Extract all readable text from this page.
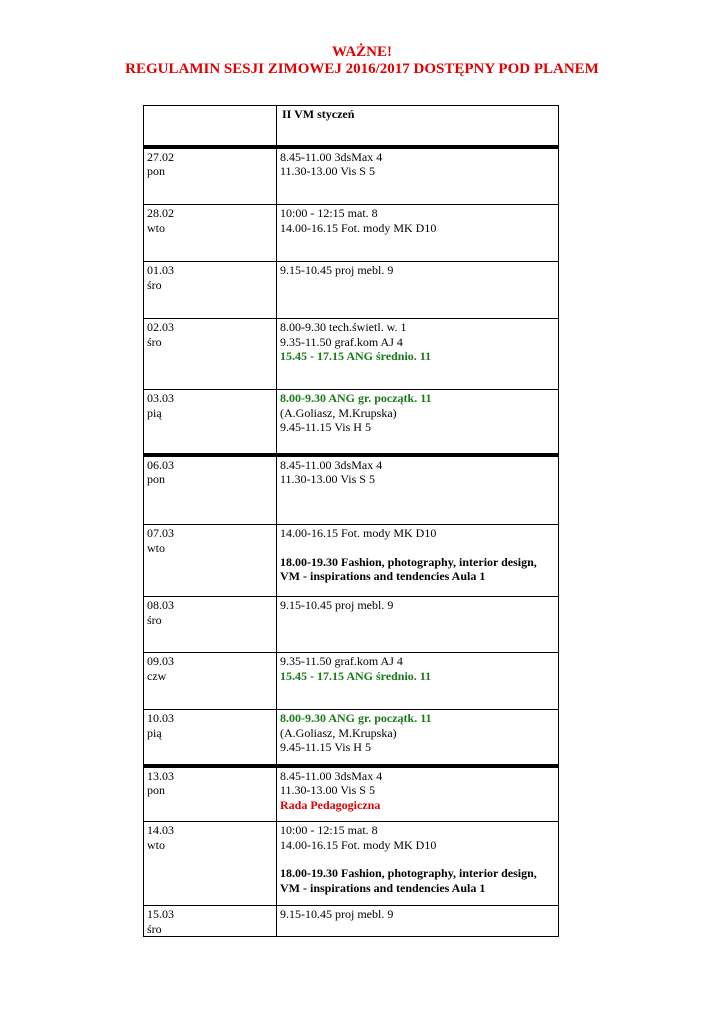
WAŻNE!
REGULAMIN SESJI ZIMOWEJ 2016/2017 DOSTĘPNY POD PLANEM
	II VM styczeń

27.02
pon	8.45-11.00 3dsMax 4
11.30-13.00 Vis S 5

28.02
wto	10:00 - 12:15 mat. 8
14.00-16.15 Fot. mody MK D10

01.03
śro	9.15-10.45 proj mebl. 9

02.03
śro	8.00-9.30 tech.świetl. w. 1
9.35-11.50 graf.kom AJ 4
15.45 - 17.15 ANG średnio. 11

03.03
pią	8.00-9.30 ANG gr. początk. 11
(A.Goliasz, M.Krupska)
9.45-11.15 Vis H 5

06.03
pon	8.45-11.00 3dsMax 4
11.30-13.00 Vis S 5

07.03
wto	14.00-16.15 Fot. mody MK D10
18.00-19.30 Fashion, photography, interior design,
VM - inspirations and tendencies Aula 1

08.03
śro	9.15-10.45 proj mebl. 9

09.03
czw	9.35-11.50 graf.kom AJ 4
15.45 - 17.15 ANG średnio. 11

10.03
pią	8.00-9.30 ANG gr. początk. 11
(A.Goliasz, M.Krupska)
9.45-11.15 Vis H 5

13.03
pon	8.45-11.00 3dsMax 4
11.30-13.00 Vis S 5
Rada Pedagogiczna

14.03
wto	10:00 - 12:15 mat. 8
14.00-16.15 Fot. mody MK D10
18.00-19.30 Fashion, photography, interior design,
VM - inspirations and tendencies Aula 1

15.03
śro	9.15-10.45 proj mebl. 9
